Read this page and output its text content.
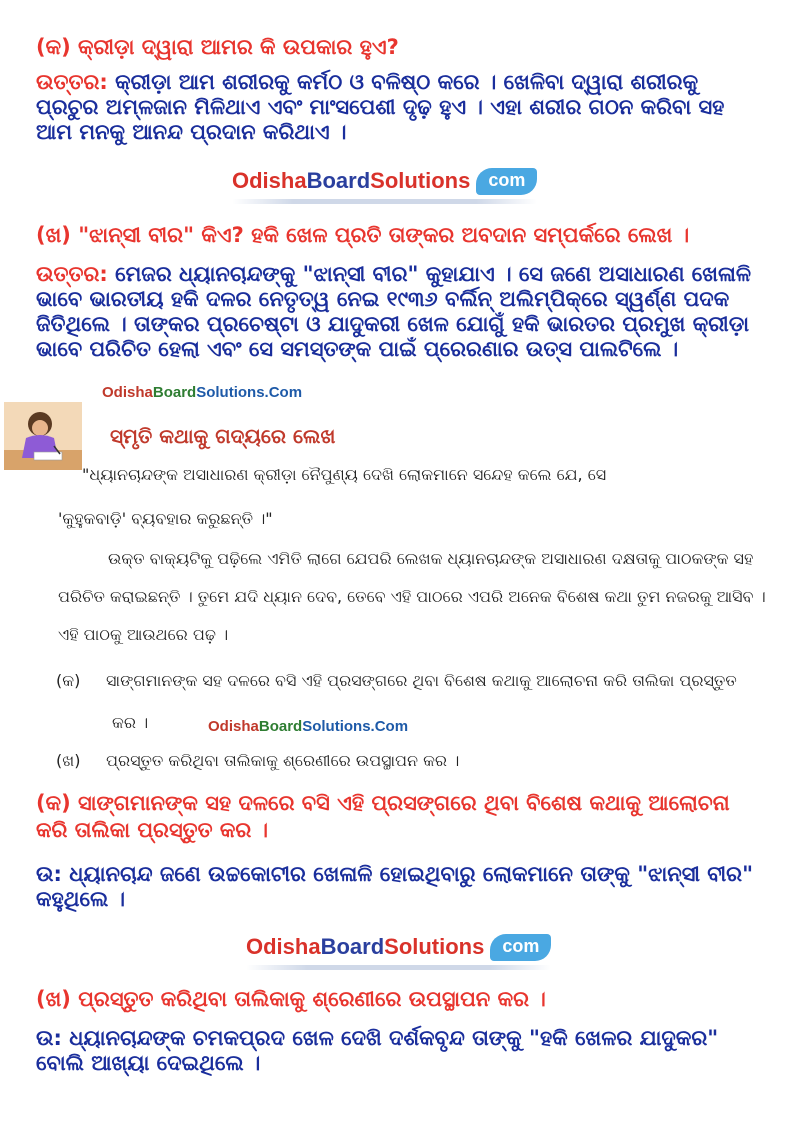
(କ) କ୍ରୀଡ଼ା ଦ୍ୱାରା ଆମର କି ଉପକାର ହୁଏ?

ଉତ୍ତର: କ୍ରୀଡ଼ା ଆମ ଶରୀରକୁ କର୍ମଠ ଓ ବଳିଷ୍ଠ କରେ । ଖେଳିବା ଦ୍ୱାରା ଶରୀରକୁ ପ୍ରଚୁର ଅମ୍ଳଜାନ ମିଳିଥାଏ ଏବଂ ମାଂସପେଶୀ ଦୃଢ଼ ହୁଏ । ଏହା ଶରୀର ଗଠନ କରିବା ସହ ଆମ ମନକୁ ଆନନ୍ଦ ପ୍ରଦାନ କରିଥାଏ ।

Odisha Board Solutions	com

(ଖ) "ଝାନ୍ସୀ ବୀର" କିଏ? ହକି ଖେଳ ପ୍ରତି ତାଙ୍କର ଅବଦାନ ସମ୍ପର୍କରେ ଲେଖ ।

ଉତ୍ତର: ମେଜର ଧ୍ୟାନଚାନ୍ଦଙ୍କୁ "ଝାନ୍ସୀ ବୀର" କୁହାଯାଏ । ସେ ଜଣେ ଅସାଧାରଣ ଖେଳାଳି ଭାବେ ଭାରତୀୟ ହକି ଦଳର ନେତୃତ୍ୱ ନେଇ ୧୯୩୬ ବର୍ଲିନ୍ ଅଲିମ୍ପିକ୍‌ରେ ସ୍ୱର୍ଣ୍ଣ ପଦକ ଜିତିଥିଲେ । ତାଙ୍କର ପ୍ରଚେଷ୍ଟା ଓ ଯାଦୁକରୀ ଖେଳ ଯୋଗୁଁ ହକି ଭାରତର ପ୍ରମୁଖ କ୍ରୀଡ଼ା ଭାବେ ପରିଚିତ ହେଲା ଏବଂ ସେ ସମସ୍ତଙ୍କ ପାଇଁ ପ୍ରେରଣାର ଉତ୍ସ ପାଲଟିଲେ ।

OdishaBoardSolutions.Com
ସ୍ମୃତି କଥାକୁ ଗଦ୍ୟରେ ଲେଖ

"ଧ୍ୟାନଚାନ୍ଦଙ୍କ ଅସାଧାରଣ କ୍ରୀଡ଼ା ନୈପୁଣ୍ୟ ଦେଖି ଲୋକମାନେ ସନ୍ଦେହ କଲେ ଯେ, ସେ

'କୁହୁକବାଡ଼ି' ବ୍ୟବହାର କରୁଛନ୍ତି ।"

ଉକ୍ତ ବାକ୍ୟଟିକୁ ପଢ଼ିଲେ ଏମିତି ଲାଗେ ଯେପରି ଲେଖକ ଧ୍ୟାନଚାନ୍ଦଙ୍କ ଅସାଧାରଣ ଦକ୍ଷତାକୁ ପାଠକଙ୍କ ସହ ପରିଚିତ କରାଇଛନ୍ତି । ତୁମେ ଯଦି ଧ୍ୟାନ ଦେବ, ତେବେ ଏହି ପାଠରେ ଏପରି ଅନେକ ବିଶେଷ କଥା ତୁମ ନଜରକୁ ଆସିବ ।ଏହି ପାଠକୁ ଆଉଥରେ ପଢ଼ ।

(କ) ସାଙ୍ଗମାନଙ୍କ ସହ ଦଳରେ ବସି ଏହି ପ୍ରସଙ୍ଗରେ ଥିବା ବିଶେଷ କଥାକୁ ଆଲୋଚନା କରି ତାଲିକା ପ୍ରସ୍ତୁତ
କର ।	OdishaBoardSolutions.Com
(ଖ) ପ୍ରସ୍ତୁତ କରିଥିବା ତାଲିକାକୁ ଶ୍ରେଣୀରେ ଉପସ୍ଥାପନ କର ।

(କ) ସାଙ୍ଗମାନଙ୍କ ସହ ଦଳରେ ବସି ଏହି ପ୍ରସଙ୍ଗରେ ଥିବା ବିଶେଷ କଥାକୁ ଆଲୋଚନା କରି ତାଲିକା ପ୍ରସ୍ତୁତ କର ।

ଉ: ଧ୍ୟାନଚାନ୍ଦ ଜଣେ ଉଚ୍ଚକୋଟୀର ଖେଳାଳି ହୋଇଥିବାରୁ ଲୋକମାନେ ତାଙ୍କୁ "ଝାନ୍ସୀ ବୀର" କହୁଥିଲେ ।

Odisha Board Solutions	com

(ଖ) ପ୍ରସ୍ତୁତ କରିଥିବା ତାଲିକାକୁ ଶ୍ରେଣୀରେ ଉପସ୍ଥାପନ କର ।

ଉ: ଧ୍ୟାନଚାନ୍ଦଙ୍କ ଚମକପ୍ରଦ ଖେଳ ଦେଖି ଦର୍ଶକବୃନ୍ଦ ତାଙ୍କୁ "ହକି ଖେଳର ଯାଦୁକର" ବୋଲି ଆଖ୍ୟା ଦେଇଥିଲେ ।
